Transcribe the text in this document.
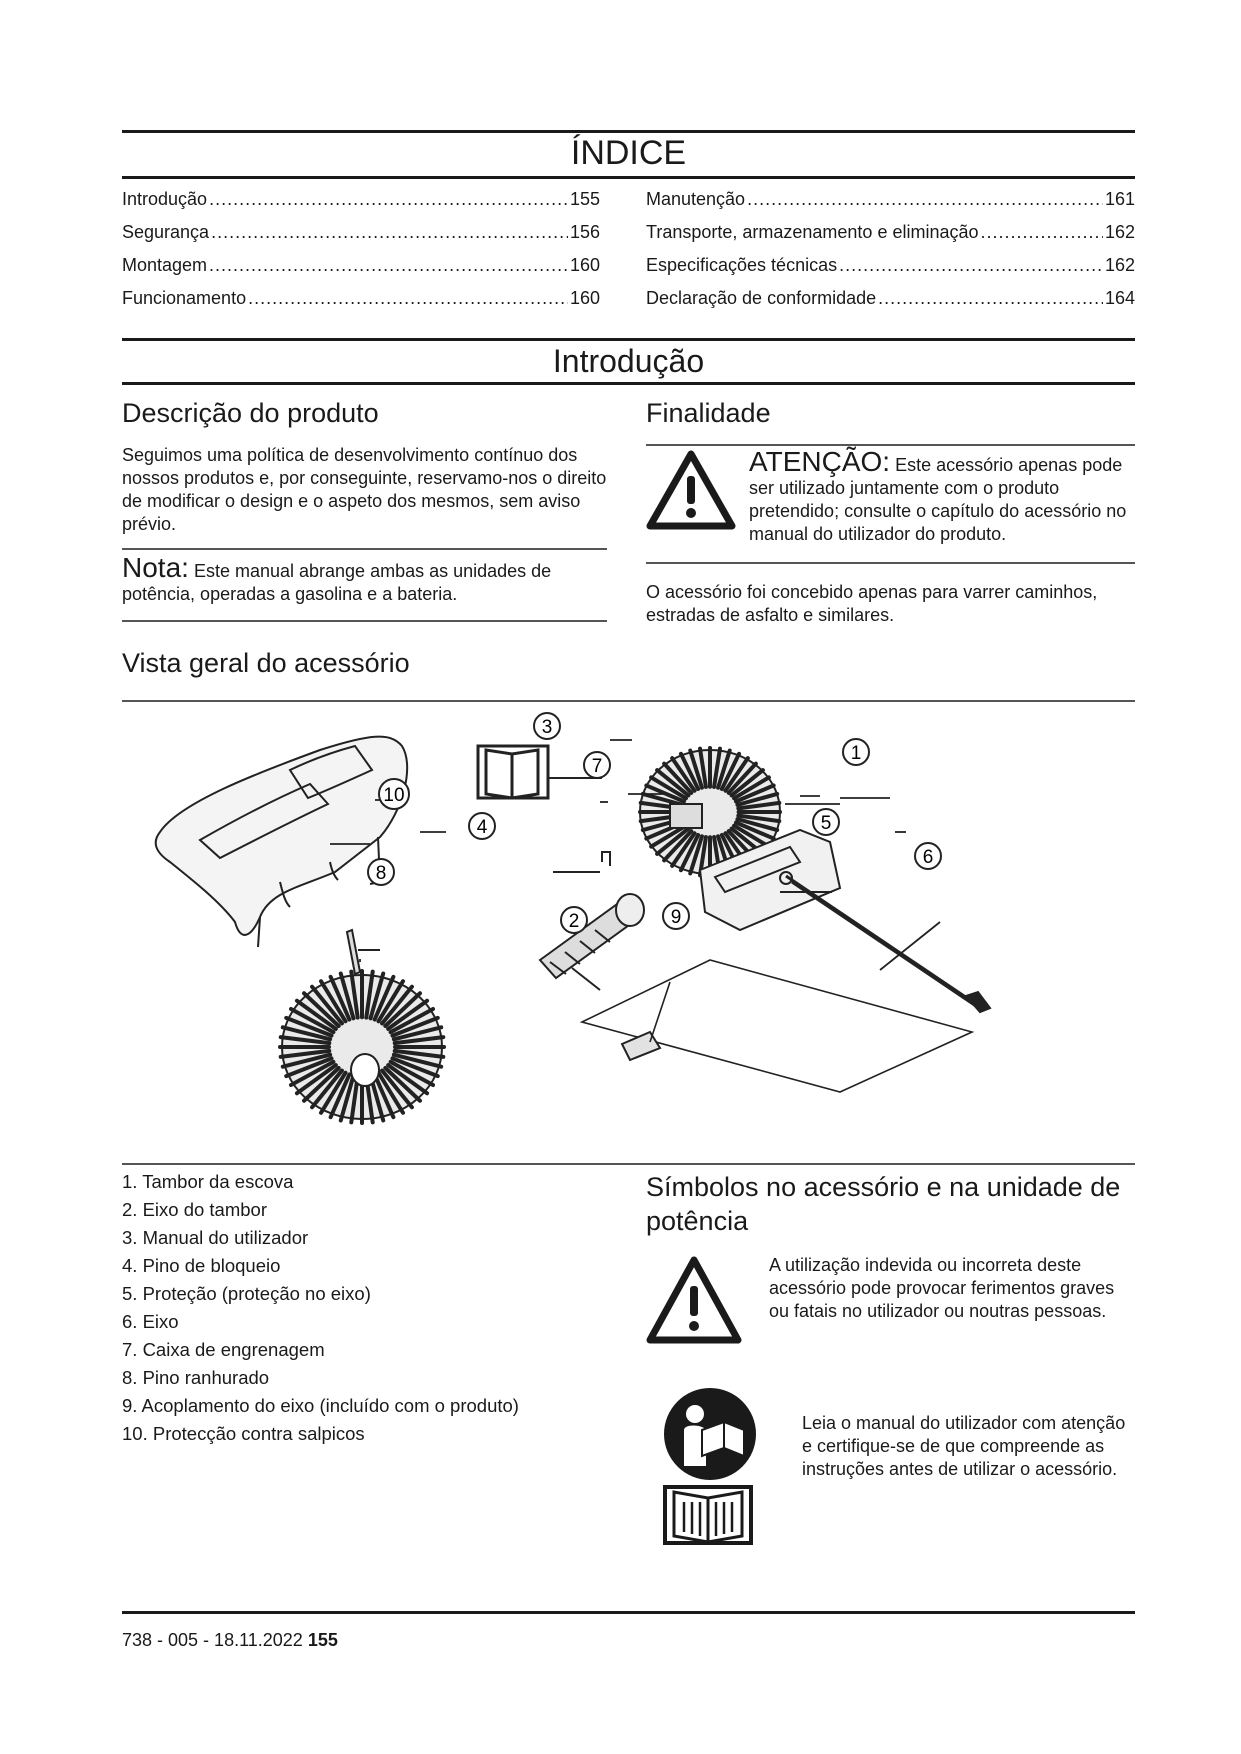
ÍNDICE
Introdução .....	155
Segurança .....	156
Montagem .....	160
Funcionamento .....	160
Manutenção .....	161
Transporte, armazenamento e eliminação .....	162
Especificações técnicas .....	162
Declaração de conformidade .....	164
Introdução
Descrição do produto
Seguimos uma política de desenvolvimento contínuo dos nossos produtos e, por conseguinte, reservamo-nos o direito de modificar o design e o aspeto dos mesmos, sem aviso prévio.
Nota: Este manual abrange ambas as unidades de potência, operadas a gasolina e a bateria.
Finalidade
ATENÇÃO: Este acessório apenas pode ser utilizado juntamente com o produto pretendido; consulte o capítulo do acessório no manual do utilizador do produto.
O acessório foi concebido apenas para varrer caminhos, estradas de asfalto e similares.
Vista geral do acessório
1
2
3
4	5
6
7
8
9
10
1. Tambor da escova
2. Eixo do tambor
3. Manual do utilizador
4. Pino de bloqueio
5. Proteção (proteção no eixo)
6. Eixo
7. Caixa de engrenagem
8. Pino ranhurado
9. Acoplamento do eixo (incluído com o produto)
10. Protecção contra salpicos
Símbolos no acessório e na unidade de potência
A utilização indevida ou incorreta deste acessório pode provocar ferimentos graves ou fatais no utilizador ou noutras pessoas.
Leia o manual do utilizador com atenção e certifique-se de que compreende as instruções antes de utilizar o acessório.
738 - 005 - 18.11.2022 155
